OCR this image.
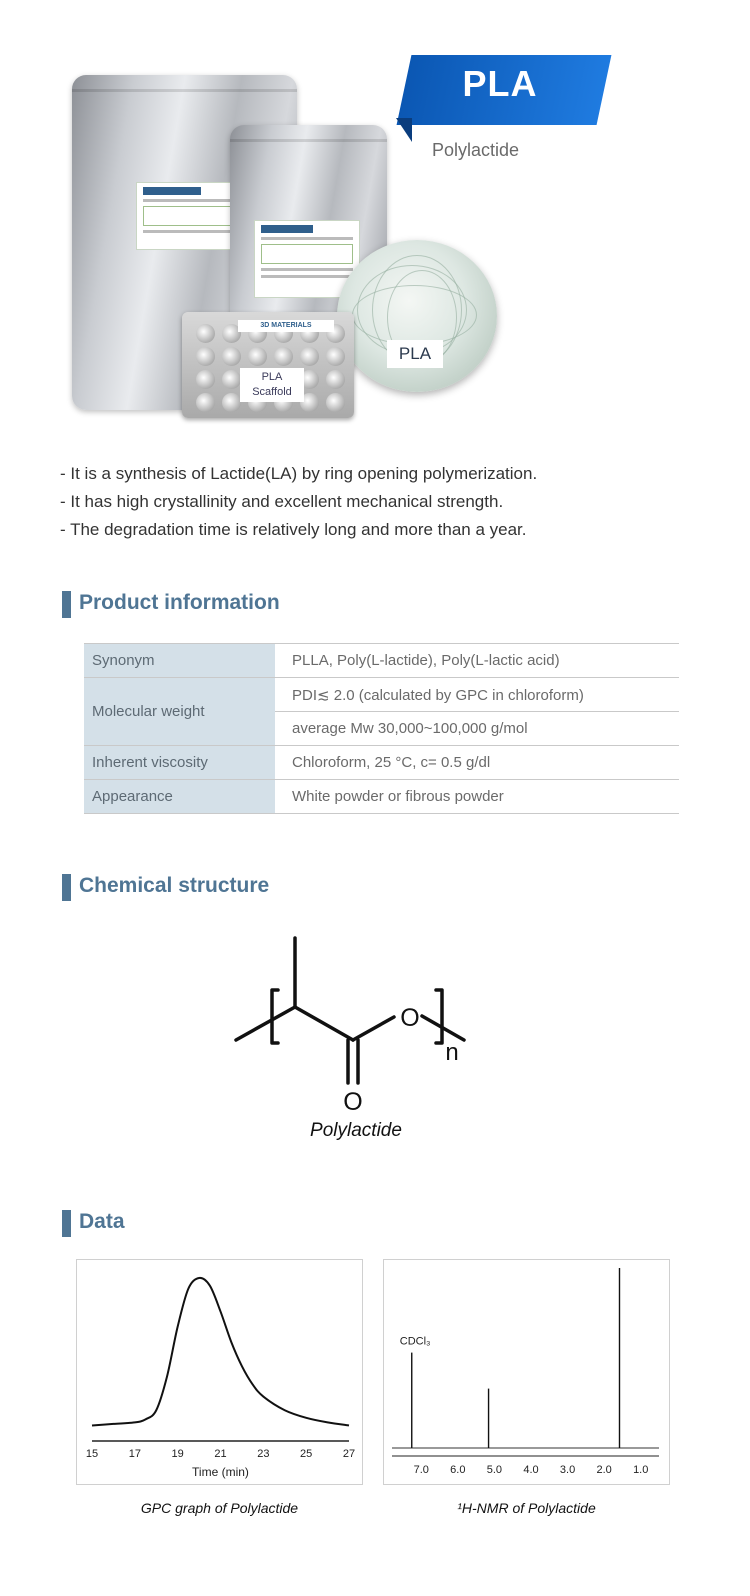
PLA
3D MATERIALS
PLA
Scaffold
PLA
Polylactide

- It is a synthesis of Lactide(LA) by ring opening polymerization.

- It has high crystallinity and excellent mechanical strength.

- The degradation time is relatively long and more than a year.

Product information
Synonym	PLLA, Poly(L-lactide), Poly(L-lactic acid)
Molecular weight	PDI≲ 2.0 (calculated by GPC in chloroform)
	average Mw 30,000~100,000 g/mol
Inherent viscosity	Chloroform, 25 °C, c= 0.5 g/dl
Appearance	White powder or fibrous powder
Chemical structure
O
O
n
Polylactide
Data
15	17	19	21	23	25	27
Time (min)	7.0 6.0 5.0 4.0 3.0 2.0 1.0
CDCl₃
GPC graph of Polylactide	¹H-NMR of Polylactide
